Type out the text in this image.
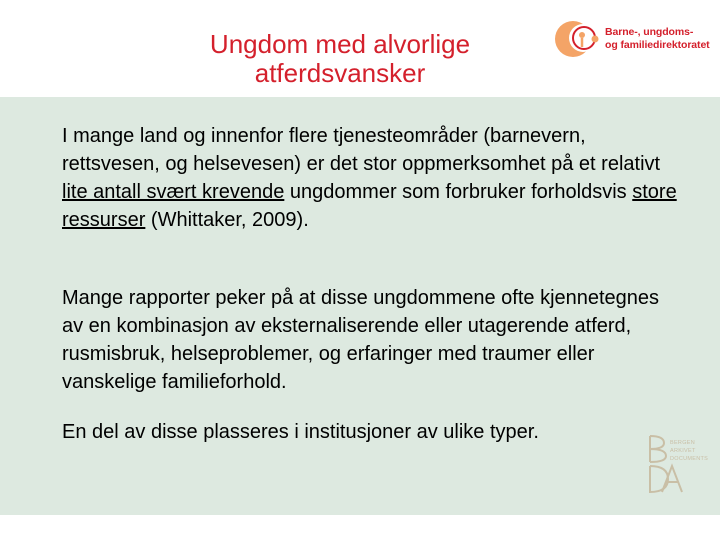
Ungdom med alvorlige atferdsvansker
Barne-, ungdoms-
og familiedirektoratet

I mange land og innenfor flere tjenesteområder (barnevern, rettsvesen, og helsevesen) er det stor oppmerksomhet på et relativt lite antall svært krevende ungdommer som forbruker forholdsvis store ressurser (Whittaker, 2009).

Mange rapporter peker på at disse ungdommene ofte kjennetegnes av en kombinasjon av eksternaliserende eller utagerende atferd, rusmisbruk, helseproblemer, og erfaringer med traumer eller vanskelige familieforhold.

En del av disse plasseres i institusjoner av ulike typer.	BERGEN
ARKIVET
DOCUMENTS
